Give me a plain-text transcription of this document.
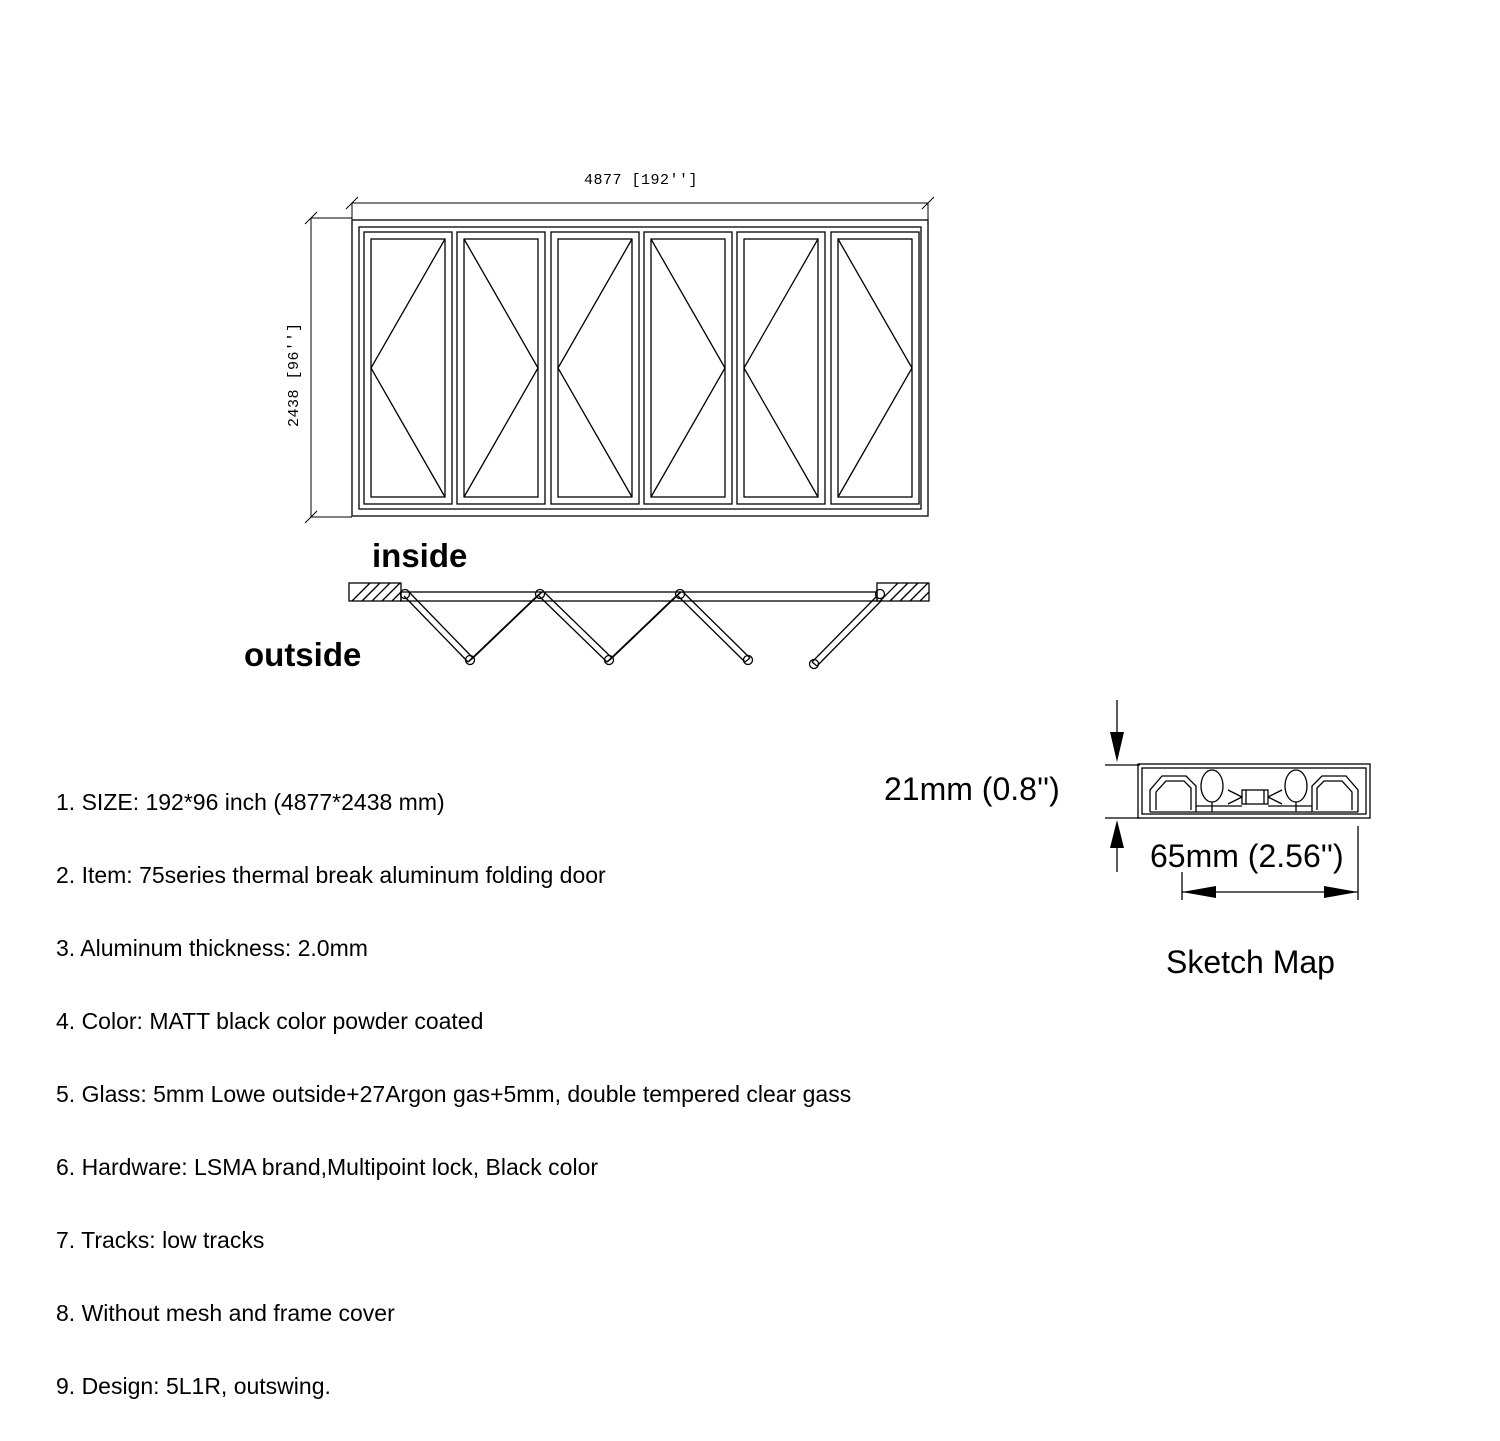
4877 [192'']
2438 [96'']
inside
outside
21mm (0.8'')
65mm (2.56'')
Sketch Map

1. SIZE: 192*96 inch (4877*2438 mm)

2. Item: 75series thermal break aluminum folding door

3. Aluminum thickness: 2.0mm

4. Color: MATT black color powder coated

5. Glass: 5mm Lowe outside+27Argon gas+5mm, double tempered clear gass

6. Hardware: LSMA brand,Multipoint lock, Black color

7. Tracks: low tracks

8. Without mesh and frame cover

9. Design: 5L1R, outswing.
